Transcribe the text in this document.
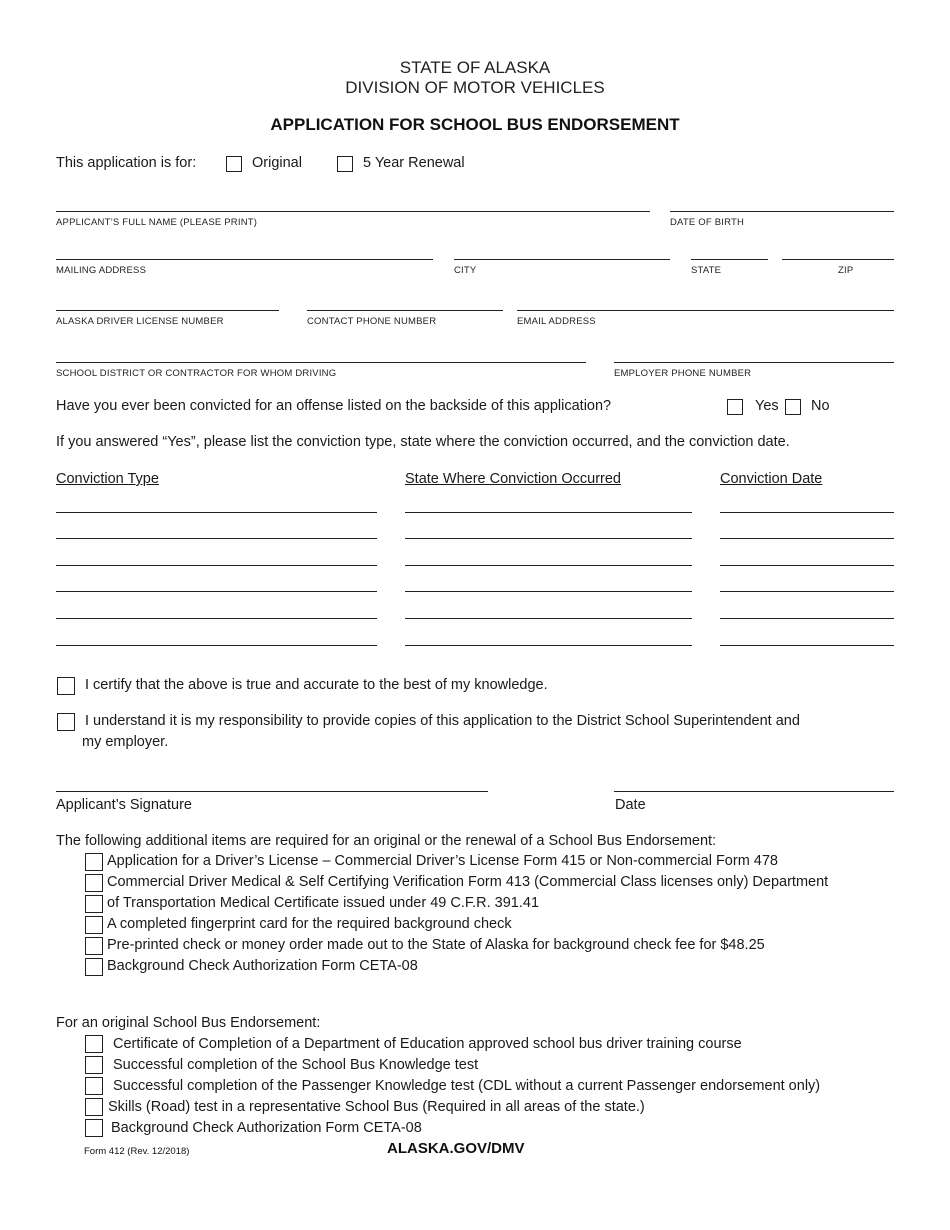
STATE OF ALASKA
DIVISION OF MOTOR VEHICLES
APPLICATION FOR SCHOOL BUS ENDORSEMENT
This application is for:	Original	5 Year Renewal
APPLICANT’S FULL NAME (PLEASE PRINT)	DATE OF BIRTH
MAILING ADDRESS	CITY	STATE	ZIP
ALASKA DRIVER LICENSE NUMBER	CONTACT PHONE NUMBER	EMAIL ADDRESS
SCHOOL DISTRICT OR CONTRACTOR FOR WHOM DRIVING	EMPLOYER PHONE NUMBER
Have you ever been convicted for an offense listed on the backside of this application?	Yes No
If you answered “Yes”, please list the conviction type, state where the conviction occurred, and the conviction date.
Conviction Type	State Where Conviction Occurred	Conviction Date
I certify that the above is true and accurate to the best of my knowledge.
I understand it is my responsibility to provide copies of this application to the District School Superintendent and
my employer.
Applicant’s Signature	Date
The following additional items are required for an original or the renewal of a School Bus Endorsement:
Application for a Driver’s License – Commercial Driver’s License Form 415 or Non-commercial Form 478
Commercial Driver Medical & Self Certifying Verification Form 413 (Commercial Class licenses only) Department
of Transportation Medical Certificate issued under 49 C.F.R. 391.41
A completed fingerprint card for the required background check
Pre-printed check or money order made out to the State of Alaska for background check fee for $48.25
Background Check Authorization Form CETA-08
For an original School Bus Endorsement:
Certificate of Completion of a Department of Education approved school bus driver training course
Successful completion of the School Bus Knowledge test
Successful completion of the Passenger Knowledge test (CDL without a current Passenger endorsement only)
Skills (Road) test in a representative School Bus (Required in all areas of the state.)
Background Check Authorization Form CETA-08
Form 412 (Rev. 12/2018)	ALASKA.GOV/DMV
